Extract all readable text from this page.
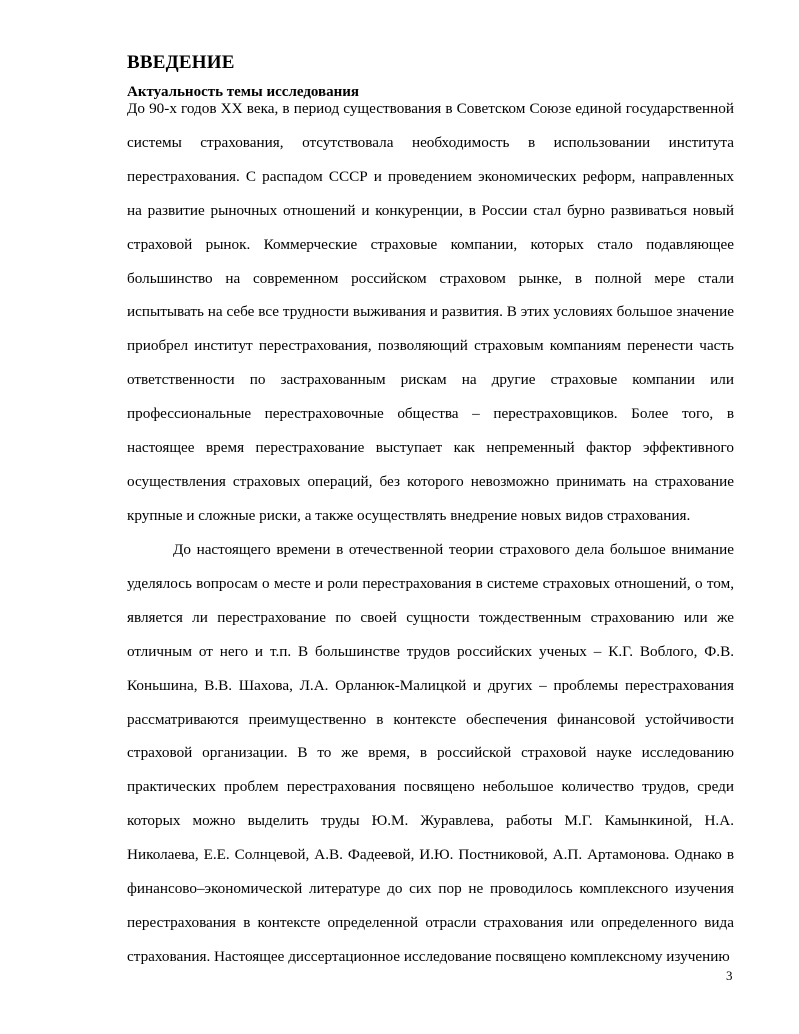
ВВЕДЕНИЕ
Актуальность темы исследования

До 90-х годов XX века, в период существования в Советском Союзе единой государственной системы страхования, отсутствовала необходимость в использовании института перестрахования. С распадом СССР и проведением экономических реформ, направленных на развитие рыночных отношений и конкуренции, в России стал бурно развиваться новый страховой рынок. Коммерческие страховые компании, которых стало подавляющее большинство на современном российском страховом рынке, в полной мере стали испытывать на себе все трудности выживания и развития. В этих условиях большое значение приобрел институт перестрахования, позволяющий страховым компаниям перенести часть ответственности по застрахованным рискам на другие страховые компании или профессиональные перестраховочные общества – перестраховщиков. Более того, в настоящее время перестрахование выступает как непременный фактор эффективного осуществления страховых операций, без которого невозможно принимать на страхование крупные и сложные риски, а также осуществлять внедрение новых видов страхования.

До настоящего времени в отечественной теории страхового дела большое внимание уделялось вопросам о месте и роли перестрахования в системе страховых отношений, о том, является ли перестрахование по своей сущности тождественным страхованию или же отличным от него и т.п. В большинстве трудов российских ученых – К.Г. Воблого, Ф.В. Коньшина, В.В. Шахова, Л.А. Орланюк-Малицкой и других – проблемы перестрахования рассматриваются преимущественно в контексте обеспечения финансовой устойчивости страховой организации. В то же время, в российской страховой науке исследованию практических проблем перестрахования посвящено небольшое количество трудов, среди которых можно выделить труды Ю.М. Журавлева, работы М.Г. Камынкиной, Н.А. Николаева, Е.Е. Солнцевой, А.В. Фадеевой, И.Ю. Постниковой, А.П. Артамонова. Однако в финансово–экономической литературе до сих пор не проводилось комплексного изучения перестрахования в контексте определенной отрасли страхования или определенного вида страхования. Настоящее диссертационное исследование посвящено комплексному изучению

3
